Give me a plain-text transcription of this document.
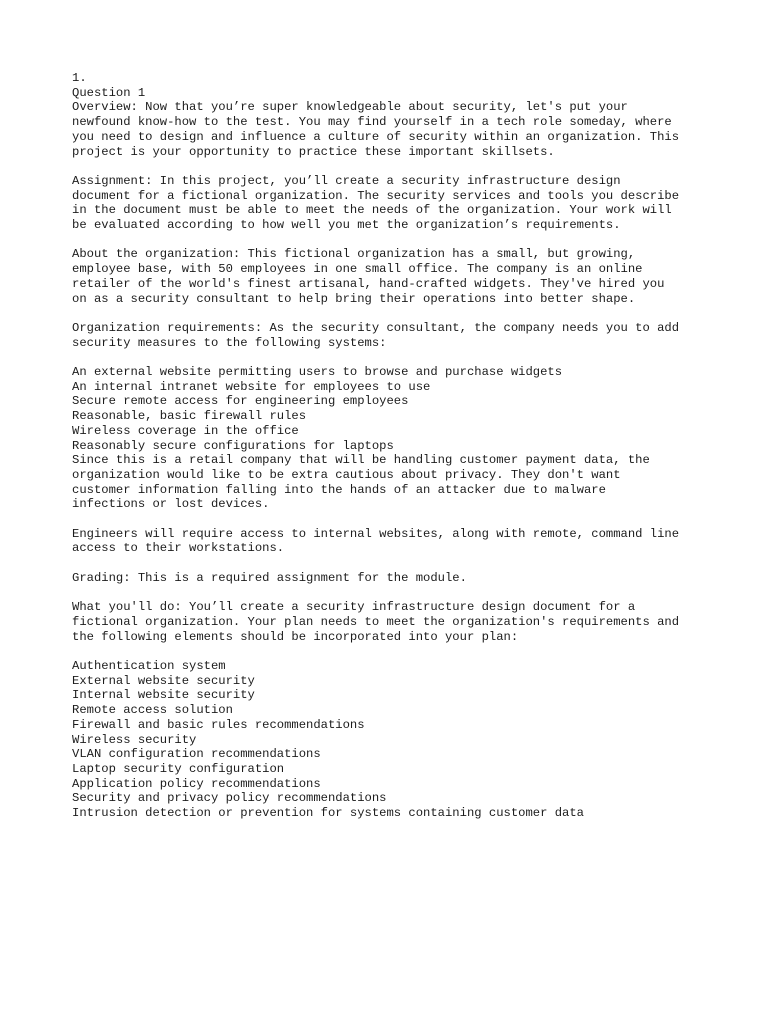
1.
Question 1
Overview: Now that you’re super knowledgeable about security, let's put your
newfound know-how to the test. You may find yourself in a tech role someday, where
you need to design and influence a culture of security within an organization. This
project is your opportunity to practice these important skillsets.
Assignment: In this project, you’ll create a security infrastructure design
document for a fictional organization. The security services and tools you describe
in the document must be able to meet the needs of the organization. Your work will
be evaluated according to how well you met the organization’s requirements.
About the organization: This fictional organization has a small, but growing,
employee base, with 50 employees in one small office. The company is an online
retailer of the world's finest artisanal, hand-crafted widgets. They've hired you
on as a security consultant to help bring their operations into better shape.
Organization requirements: As the security consultant, the company needs you to add
security measures to the following systems:
An external website permitting users to browse and purchase widgets
An internal intranet website for employees to use
Secure remote access for engineering employees
Reasonable, basic firewall rules
Wireless coverage in the office
Reasonably secure configurations for laptops
Since this is a retail company that will be handling customer payment data, the
organization would like to be extra cautious about privacy. They don't want
customer information falling into the hands of an attacker due to malware
infections or lost devices.
Engineers will require access to internal websites, along with remote, command line
access to their workstations.
Grading: This is a required assignment for the module.
What you'll do: You’ll create a security infrastructure design document for a
fictional organization. Your plan needs to meet the organization's requirements and
the following elements should be incorporated into your plan:
Authentication system
External website security
Internal website security
Remote access solution
Firewall and basic rules recommendations
Wireless security
VLAN configuration recommendations
Laptop security configuration
Application policy recommendations
Security and privacy policy recommendations
Intrusion detection or prevention for systems containing customer data
